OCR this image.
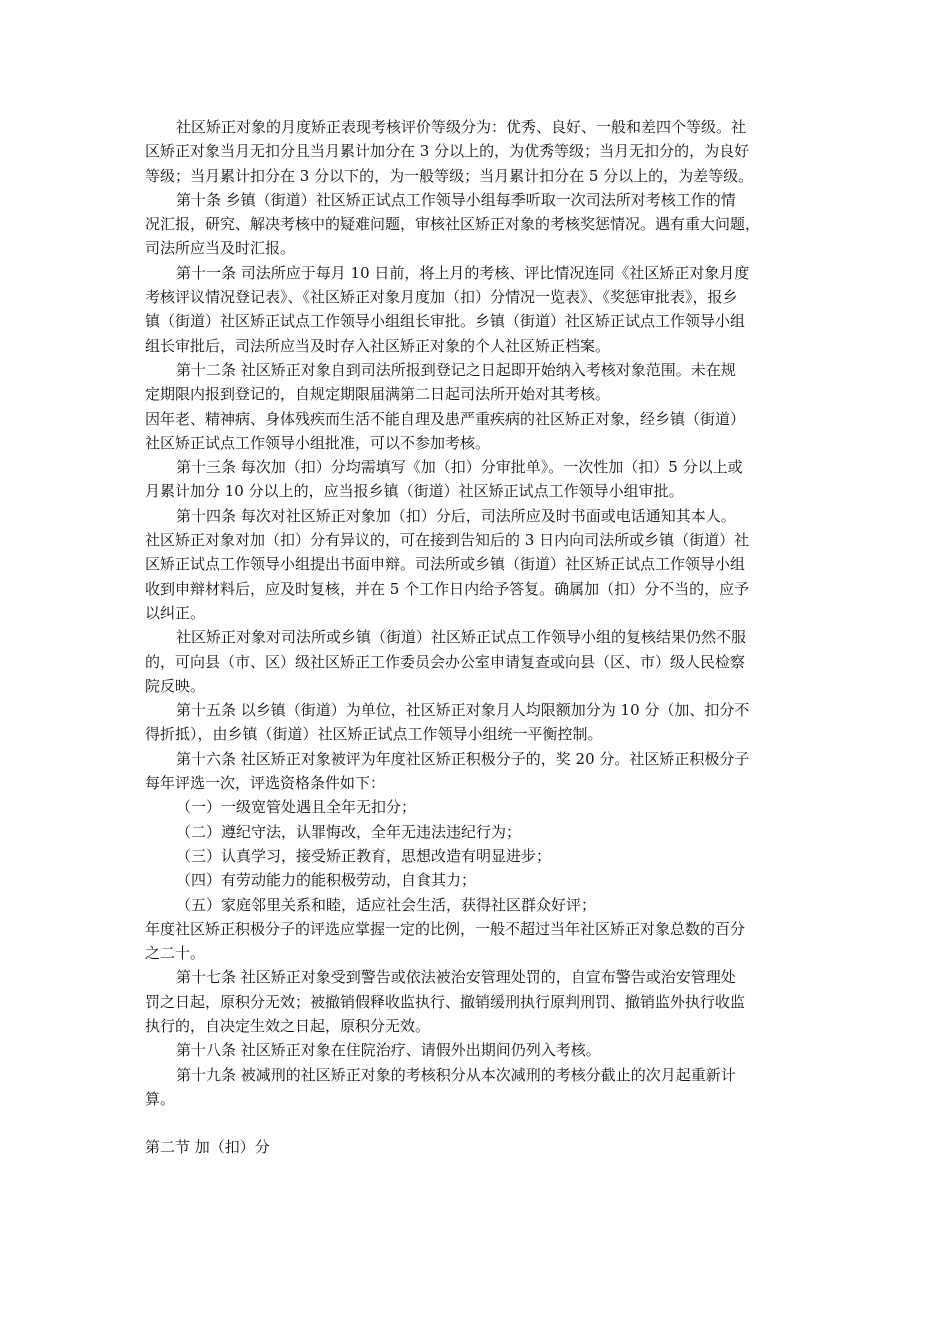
社区矫正对象的月度矫正表现考核评价等级分为：优秀、良好、一般和差四个等级。社
区矫正对象当月无扣分且当月累计加分在 3 分以上的，为优秀等级；当月无扣分的，为良好
等级；当月累计扣分在 3 分以下的，为一般等级；当月累计扣分在 5 分以上的，为差等级。
第十条 乡镇（街道）社区矫正试点工作领导小组每季听取一次司法所对考核工作的情
况汇报，研究、解决考核中的疑难问题，审核社区矫正对象的考核奖惩情况。遇有重大问题，
司法所应当及时汇报。
第十一条 司法所应于每月 10 日前，将上月的考核、评比情况连同《社区矫正对象月度
考核评议情况登记表》、《社区矫正对象月度加（扣）分情况一览表》、《奖惩审批表》，报乡
镇（街道）社区矫正试点工作领导小组组长审批。乡镇（街道）社区矫正试点工作领导小组
组长审批后，司法所应当及时存入社区矫正对象的个人社区矫正档案。
第十二条 社区矫正对象自到司法所报到登记之日起即开始纳入考核对象范围。未在规
定期限内报到登记的，自规定期限届满第二日起司法所开始对其考核。
因年老、精神病、身体残疾而生活不能自理及患严重疾病的社区矫正对象，经乡镇（街道）
社区矫正试点工作领导小组批准，可以不参加考核。
第十三条 每次加（扣）分均需填写《加（扣）分审批单》。一次性加（扣）5 分以上或
月累计加分 10 分以上的，应当报乡镇（街道）社区矫正试点工作领导小组审批。
第十四条 每次对社区矫正对象加（扣）分后，司法所应及时书面或电话通知其本人。
社区矫正对象对加（扣）分有异议的，可在接到告知后的 3 日内向司法所或乡镇（街道）社
区矫正试点工作领导小组提出书面申辩。司法所或乡镇（街道）社区矫正试点工作领导小组
收到申辩材料后，应及时复核，并在 5 个工作日内给予答复。确属加（扣）分不当的，应予
以纠正。
社区矫正对象对司法所或乡镇（街道）社区矫正试点工作领导小组的复核结果仍然不服
的，可向县（市、区）级社区矫正工作委员会办公室申请复查或向县（区、市）级人民检察
院反映。
第十五条 以乡镇（街道）为单位，社区矫正对象月人均限额加分为 10 分（加、扣分不
得折抵），由乡镇（街道）社区矫正试点工作领导小组统一平衡控制。
第十六条 社区矫正对象被评为年度社区矫正积极分子的，奖 20 分。社区矫正积极分子
每年评选一次，评选资格条件如下：
（一）一级宽管处遇且全年无扣分；
（二）遵纪守法，认罪悔改，全年无违法违纪行为；
（三）认真学习，接受矫正教育，思想改造有明显进步；
（四）有劳动能力的能积极劳动，自食其力；
（五）家庭邻里关系和睦，适应社会生活，获得社区群众好评；
年度社区矫正积极分子的评选应掌握一定的比例，一般不超过当年社区矫正对象总数的百分
之二十。
第十七条 社区矫正对象受到警告或依法被治安管理处罚的，自宣布警告或治安管理处
罚之日起，原积分无效；被撤销假释收监执行、撤销缓刑执行原判刑罚、撤销监外执行收监
执行的，自决定生效之日起，原积分无效。
第十八条 社区矫正对象在住院治疗、请假外出期间仍列入考核。
第十九条 被减刑的社区矫正对象的考核积分从本次减刑的考核分截止的次月起重新计
算。
第二节 加（扣）分
